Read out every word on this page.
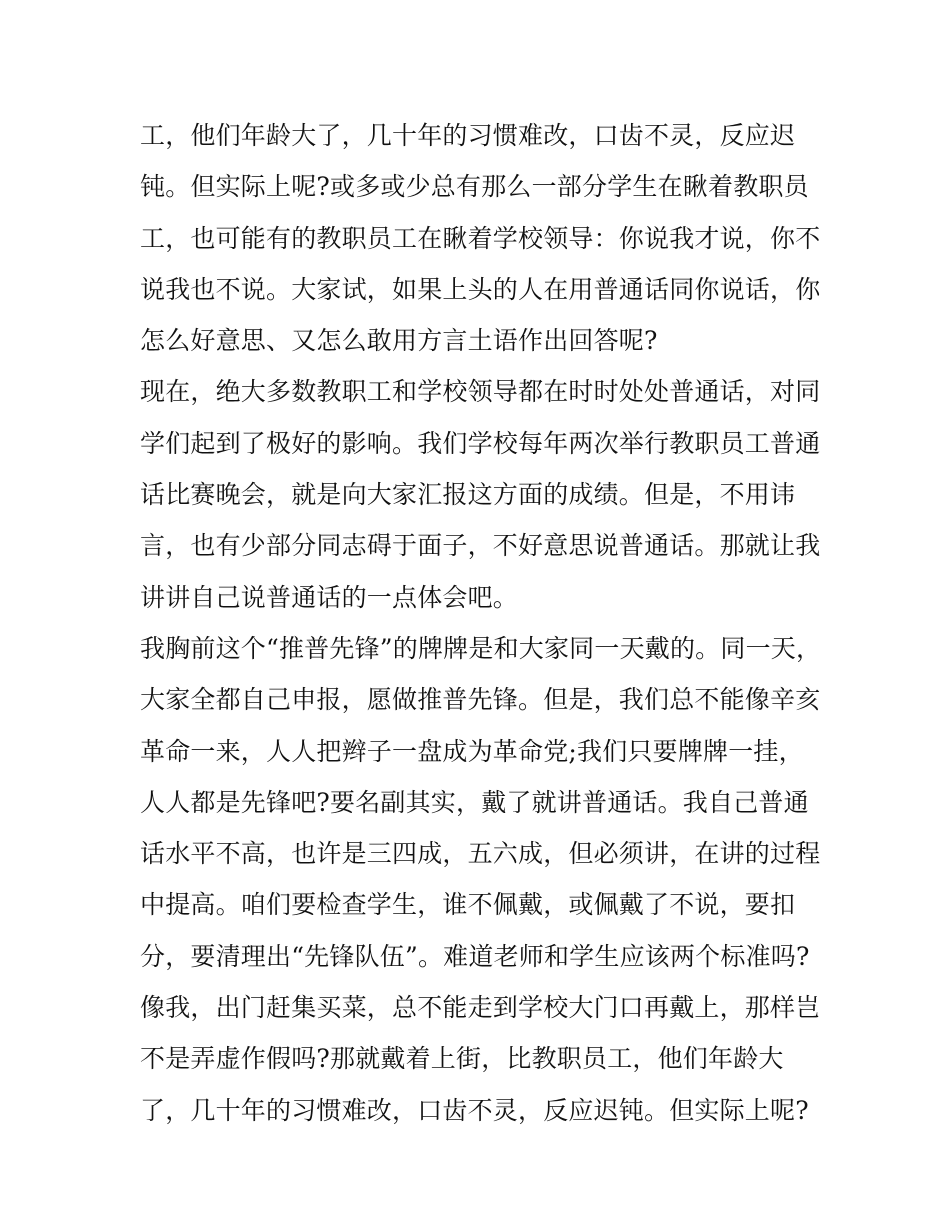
工，他们年龄大了，几十年的习惯难改，口齿不灵，反应迟
钝。但实际上呢?或多或少总有那么一部分学生在瞅着教职员
工，也可能有的教职员工在瞅着学校领导：你说我才说，你不
说我也不说。大家试，如果上头的人在用普通话同你说话，你
怎么好意思、又怎么敢用方言土语作出回答呢?
现在，绝大多数教职工和学校领导都在时时处处普通话，对同
学们起到了极好的影响。我们学校每年两次举行教职员工普通
话比赛晚会，就是向大家汇报这方面的成绩。但是，不用讳
言，也有少部分同志碍于面子，不好意思说普通话。那就让我
讲讲自己说普通话的一点体会吧。
我胸前这个“推普先锋”的牌牌是和大家同一天戴的。同一天，
大家全都自己申报，愿做推普先锋。但是，我们总不能像辛亥
革命一来，人人把辫子一盘成为革命党;我们只要牌牌一挂，
人人都是先锋吧?要名副其实，戴了就讲普通话。我自己普通
话水平不高，也许是三四成，五六成，但必须讲，在讲的过程
中提高。咱们要检查学生，谁不佩戴，或佩戴了不说，要扣
分，要清理出“先锋队伍”。难道老师和学生应该两个标准吗?
像我，出门赶集买菜，总不能走到学校大门口再戴上，那样岂
不是弄虚作假吗?那就戴着上街，比教职员工，他们年龄大
了，几十年的习惯难改，口齿不灵，反应迟钝。但实际上呢?
